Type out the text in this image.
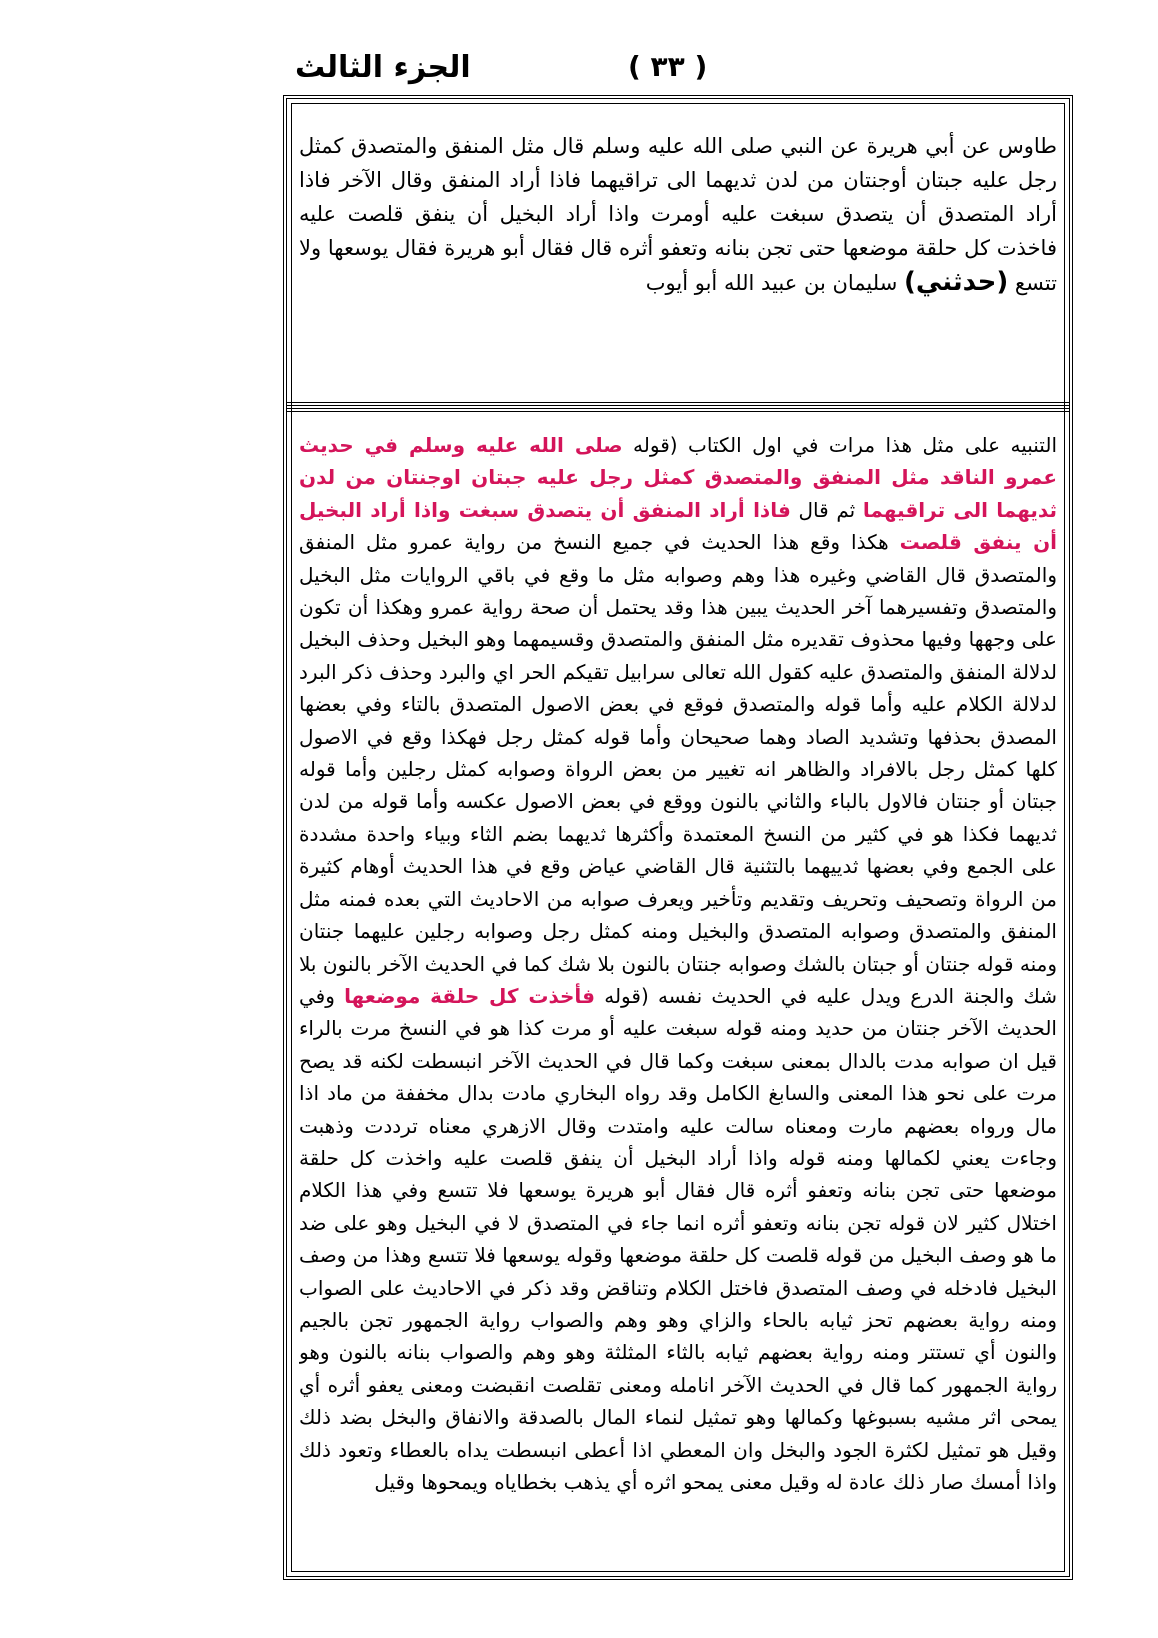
الجزء الثالث	( ٣٣ )

طاوس عن أبي هريرة عن النبي صلى الله عليه وسلم قال مثل المنفق والمتصدق كمثل رجل عليه جبتان أوجنتان من لدن ثديهما الى تراقيهما فاذا أراد المنفق وقال الآخر فاذا أراد المتصدق أن يتصدق سبغت عليه أومرت واذا أراد البخيل أن ينفق قلصت عليه فاخذت كل حلقة موضعها حتى تجن بنانه وتعفو أثره قال فقال أبو هريرة فقال يوسعها ولا تتسع (حدثني) سليمان بن عبيد الله أبو أيوب

التنبيه على مثل هذا مرات في اول الكتاب (قوله صلى الله عليه وسلم في حديث عمرو الناقد مثل المنفق والمتصدق كمثل رجل عليه جبتان اوجنتان من لدن ثديهما الى تراقيهما ثم قال فاذا أراد المنفق أن يتصدق سبغت واذا أراد البخيل أن ينفق قلصت هكذا وقع هذا الحديث في جميع النسخ من رواية عمرو مثل المنفق والمتصدق قال القاضي وغيره هذا وهم وصوابه مثل ما وقع في باقي الروايات مثل البخيل والمتصدق وتفسيرهما آخر الحديث يبين هذا وقد يحتمل أن صحة رواية عمرو وهكذا أن تكون على وجهها وفيها محذوف تقديره مثل المنفق والمتصدق وقسيمهما وهو البخيل وحذف البخيل لدلالة المنفق والمتصدق عليه كقول الله تعالى سرابيل تقيكم الحر اي والبرد وحذف ذكر البرد لدلالة الكلام عليه وأما قوله والمتصدق فوقع في بعض الاصول المتصدق بالتاء وفي بعضها المصدق بحذفها وتشديد الصاد وهما صحيحان وأما قوله كمثل رجل فهكذا وقع في الاصول كلها كمثل رجل بالافراد والظاهر انه تغيير من بعض الرواة وصوابه كمثل رجلين وأما قوله جبتان أو جنتان فالاول بالباء والثاني بالنون ووقع في بعض الاصول عكسه وأما قوله من لدن ثديهما فكذا هو في كثير من النسخ المعتمدة وأكثرها ثديهما بضم الثاء وبياء واحدة مشددة على الجمع وفي بعضها ثدييهما بالتثنية قال القاضي عياض وقع في هذا الحديث أوهام كثيرة من الرواة وتصحيف وتحريف وتقديم وتأخير ويعرف صوابه من الاحاديث التي بعده فمنه مثل المنفق والمتصدق وصوابه المتصدق والبخيل ومنه كمثل رجل وصوابه رجلين عليهما جنتان ومنه قوله جنتان أو جبتان بالشك وصوابه جنتان بالنون بلا شك كما في الحديث الآخر بالنون بلا شك والجنة الدرع ويدل عليه في الحديث نفسه (قوله فأخذت كل حلقة موضعها وفي الحديث الآخر جنتان من حديد ومنه قوله سبغت عليه أو مرت كذا هو في النسخ مرت بالراء قيل ان صوابه مدت بالدال بمعنى سبغت وكما قال في الحديث الآخر انبسطت لكنه قد يصح مرت على نحو هذا المعنى والسابغ الكامل وقد رواه البخاري مادت بدال مخففة من ماد اذا مال ورواه بعضهم مارت ومعناه سالت عليه وامتدت وقال الازهري معناه ترددت وذهبت وجاءت يعني لكمالها ومنه قوله واذا أراد البخيل أن ينفق قلصت عليه واخذت كل حلقة موضعها حتى تجن بنانه وتعفو أثره قال فقال أبو هريرة يوسعها فلا تتسع وفي هذا الكلام اختلال كثير لان قوله تجن بنانه وتعفو أثره انما جاء في المتصدق لا في البخيل وهو على ضد ما هو وصف البخيل من قوله قلصت كل حلقة موضعها وقوله يوسعها فلا تتسع وهذا من وصف البخيل فادخله في وصف المتصدق فاختل الكلام وتناقض وقد ذكر في الاحاديث على الصواب ومنه رواية بعضهم تحز ثيابه بالحاء والزاي وهو وهم والصواب رواية الجمهور تجن بالجيم والنون أي تستتر ومنه رواية بعضهم ثيابه بالثاء المثلثة وهو وهم والصواب بنانه بالنون وهو رواية الجمهور كما قال في الحديث الآخر انامله ومعنى تقلصت انقبضت ومعنى يعفو أثره أي يمحى اثر مشيه بسبوغها وكمالها وهو تمثيل لنماء المال بالصدقة والانفاق والبخل بضد ذلك وقيل هو تمثيل لكثرة الجود والبخل وان المعطي اذا أعطى انبسطت يداه بالعطاء وتعود ذلك واذا أمسك صار ذلك عادة له وقيل معنى يمحو اثره أي يذهب بخطاياه ويمحوها وقيل
